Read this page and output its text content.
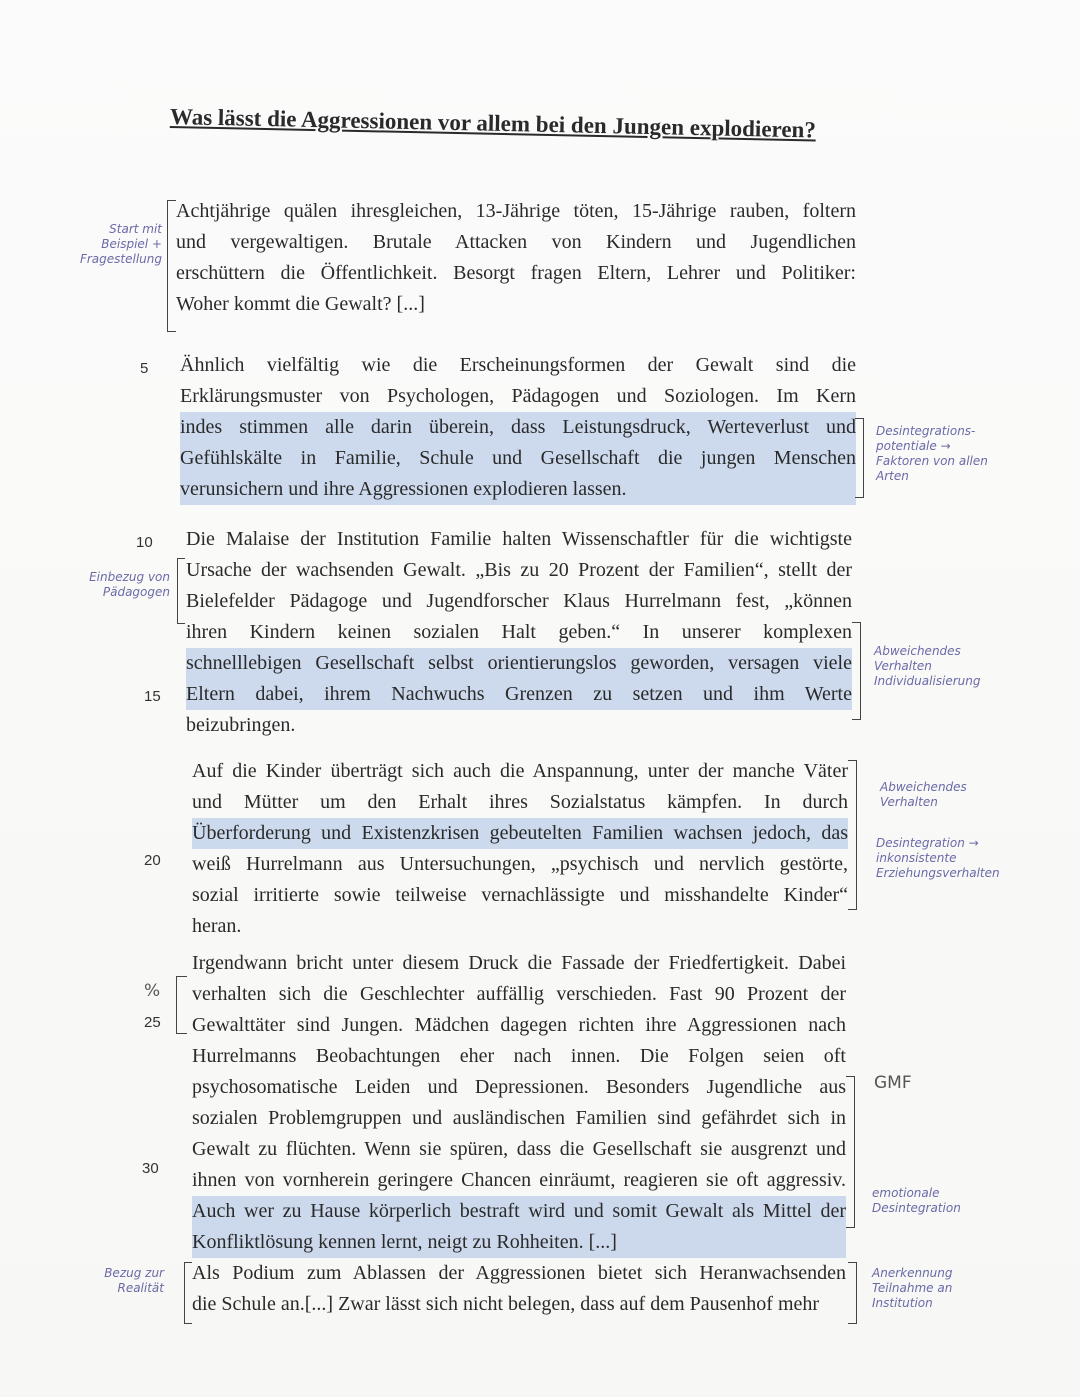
Was lässt die Aggressionen vor allem bei den Jungen explodieren?
Achtjährige quälen ihresgleichen, 13-Jährige töten, 15-Jährige rauben, foltern
und vergewaltigen. Brutale Attacken von Kindern und Jugendlichen
erschüttern die Öffentlichkeit. Besorgt fragen Eltern, Lehrer und Politiker:
Woher kommt die Gewalt? [...]
Ähnlich vielfältig wie die Erscheinungsformen der Gewalt sind die
Erklärungsmuster von Psychologen, Pädagogen und Soziologen. Im Kern
indes stimmen alle darin überein, dass Leistungsdruck, Werteverlust und
Gefühlskälte in Familie, Schule und Gesellschaft die jungen Menschen
verunsichern und ihre Aggressionen explodieren lassen.
Die Malaise der Institution Familie halten Wissenschaftler für die wichtigste
Ursache der wachsenden Gewalt. „Bis zu 20 Prozent der Familien“, stellt der
Bielefelder Pädagoge und Jugendforscher Klaus Hurrelmann fest, „können
ihren Kindern keinen sozialen Halt geben.“ In unserer komplexen
schnelllebigen Gesellschaft selbst orientierungslos geworden, versagen viele
Eltern dabei, ihrem Nachwuchs Grenzen zu setzen und ihm Werte
beizubringen.
Auf die Kinder überträgt sich auch die Anspannung, unter der manche Väter
und Mütter um den Erhalt ihres Sozialstatus kämpfen. In durch
Überforderung und Existenzkrisen gebeutelten Familien wachsen jedoch, das
weiß Hurrelmann aus Untersuchungen, „psychisch und nervlich gestörte,
sozial irritierte sowie teilweise vernachlässigte und misshandelte Kinder“
heran.
Irgendwann bricht unter diesem Druck die Fassade der Friedfertigkeit. Dabei
verhalten sich die Geschlechter auffällig verschieden. Fast 90 Prozent der
Gewalttäter sind Jungen. Mädchen dagegen richten ihre Aggressionen nach
Hurrelmanns Beobachtungen eher nach innen. Die Folgen seien oft
psychosomatische Leiden und Depressionen. Besonders Jugendliche aus
sozialen Problemgruppen und ausländischen Familien sind gefährdet sich in
Gewalt zu flüchten. Wenn sie spüren, dass die Gesellschaft sie ausgrenzt und
ihnen von vornherein geringere Chancen einräumt, reagieren sie oft aggressiv.
Auch wer zu Hause körperlich bestraft wird und somit Gewalt als Mittel der
Konfliktlösung kennen lernt, neigt zu Rohheiten. [...]
Als Podium zum Ablassen der Aggressionen bietet sich Heranwachsenden
die Schule an.[...] Zwar lässt sich nicht belegen, dass auf dem Pausenhof mehr
5
10
15
20
25
30
Start mit Beispiel + Fragestellung
Einbezug von Pädagogen
%
Bezug zur Realität
Desintegrations-potentiale → Faktoren von allen Arten
Abweichendes Verhalten Individualisierung
Abweichendes Verhalten
Desintegration → inkonsistente Erziehungsverhalten
GMF
emotionale Desintegration
Anerkennung Teilnahme an Institution
